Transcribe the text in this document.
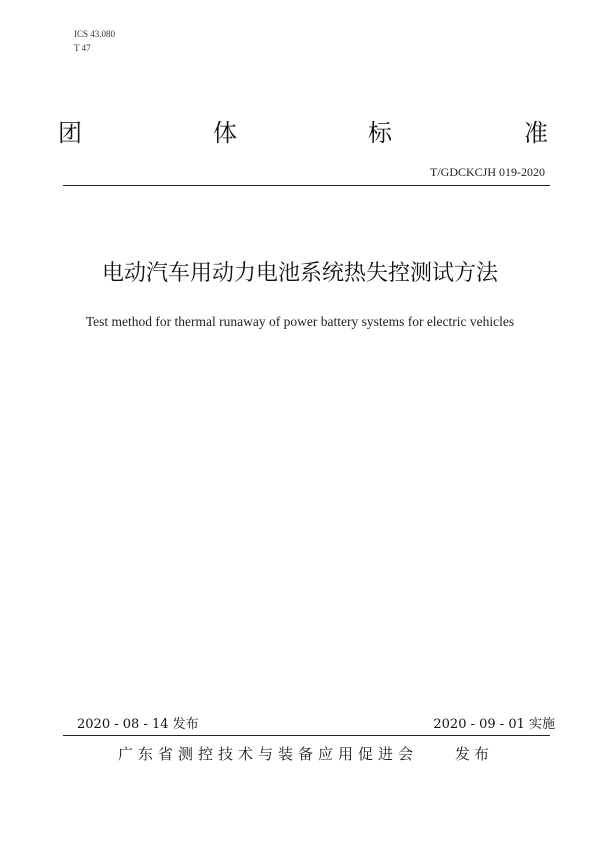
ICS 43.080
T 47
团	体	标	准
T/GDCKCJH 019-2020
电动汽车用动力电池系统热失控测试方法
Test method for thermal runaway of power battery systems for electric vehicles
2020 - 08 - 14 发布	2020 - 09 - 01 实施
广东省测控技术与装备应用促进会 发布
